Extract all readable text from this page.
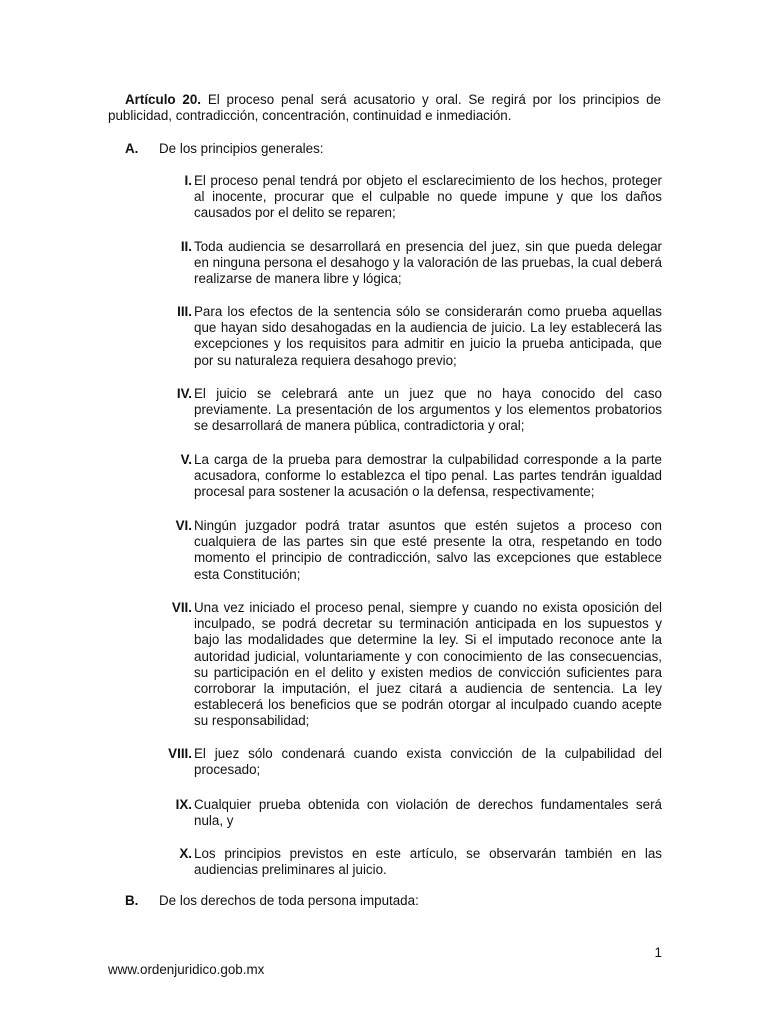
Artículo 20. El proceso penal será acusatorio y oral. Se regirá por los principios de publicidad, contradicción, concentración, continuidad e inmediación.

A. De los principios generales:
I. El proceso penal tendrá por objeto el esclarecimiento de los hechos, proteger al inocente, procurar que el culpable no quede impune y que los daños causados por el delito se reparen;
II. Toda audiencia se desarrollará en presencia del juez, sin que pueda delegar en ninguna persona el desahogo y la valoración de las pruebas, la cual deberá realizarse de manera libre y lógica;
III. Para los efectos de la sentencia sólo se considerarán como prueba aquellas que hayan sido desahogadas en la audiencia de juicio. La ley establecerá las excepciones y los requisitos para admitir en juicio la prueba anticipada, que por su naturaleza requiera desahogo previo;
IV. El juicio se celebrará ante un juez que no haya conocido del caso previamente. La presentación de los argumentos y los elementos probatorios se desarrollará de manera pública, contradictoria y oral;
V. La carga de la prueba para demostrar la culpabilidad corresponde a la parte acusadora, conforme lo establezca el tipo penal. Las partes tendrán igualdad procesal para sostener la acusación o la defensa, respectivamente;
VI. Ningún juzgador podrá tratar asuntos que estén sujetos a proceso con cualquiera de las partes sin que esté presente la otra, respetando en todo momento el principio de contradicción, salvo las excepciones que establece esta Constitución;
VII. Una vez iniciado el proceso penal, siempre y cuando no exista oposición del inculpado, se podrá decretar su terminación anticipada en los supuestos y bajo las modalidades que determine la ley. Si el imputado reconoce ante la autoridad judicial, voluntariamente y con conocimiento de las consecuencias, su participación en el delito y existen medios de convicción suficientes para corroborar la imputación, el juez citará a audiencia de sentencia. La ley establecerá los beneficios que se podrán otorgar al inculpado cuando acepte su responsabilidad;
VIII. El juez sólo condenará cuando exista convicción de la culpabilidad del procesado;
IX. Cualquier prueba obtenida con violación de derechos fundamentales será nula, y
X. Los principios previstos en este artículo, se observarán también en las audiencias preliminares al juicio.
B. De los derechos de toda persona imputada:
1
www.ordenjuridico.gob.mx
